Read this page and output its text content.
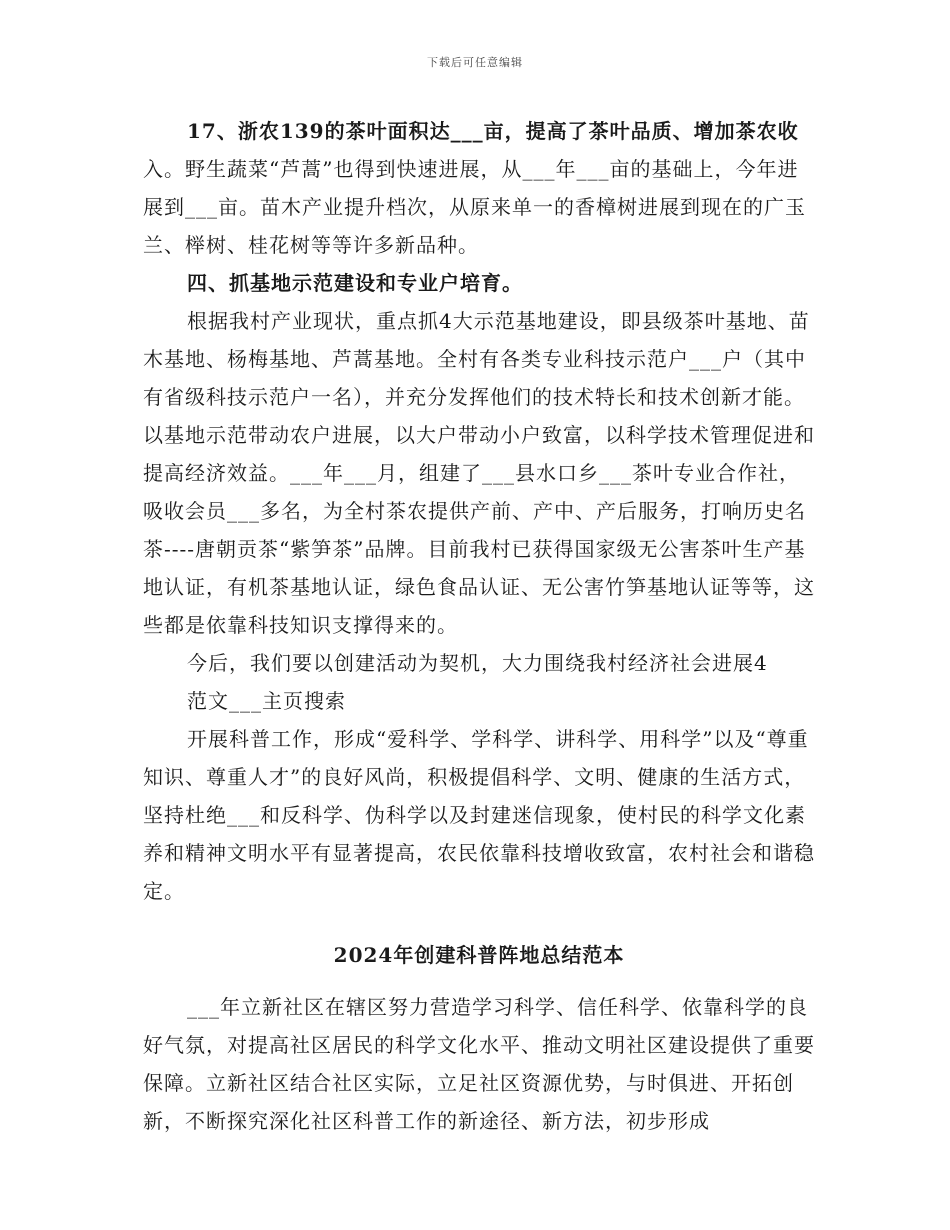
下载后可任意编辑

17、浙农139的茶叶面积达___亩，提高了茶叶品质、增加茶农收入。野生蔬菜“芦蒿”也得到快速进展，从___年___亩的基础上，今年进展到___亩。苗木产业提升档次，从原来单一的香樟树进展到现在的广玉兰、榉树、桂花树等等许多新品种。

四、抓基地示范建设和专业户培育。

根据我村产业现状，重点抓4大示范基地建设，即县级茶叶基地、苗木基地、杨梅基地、芦蒿基地。全村有各类专业科技示范户___户（其中有省级科技示范户一名），并充分发挥他们的技术特长和技术创新才能。以基地示范带动农户进展，以大户带动小户致富，以科学技术管理促进和提高经济效益。___年___月，组建了___县水口乡___茶叶专业合作社，吸收会员___多名，为全村茶农提供产前、产中、产后服务，打响历史名茶----唐朝贡茶“紫笋茶”品牌。目前我村已获得国家级无公害茶叶生产基地认证，有机茶基地认证，绿色食品认证、无公害竹笋基地认证等等，这些都是依靠科技知识支撑得来的。

今后，我们要以创建活动为契机，大力围绕我村经济社会进展4

范文___主页搜索

开展科普工作，形成“爱科学、学科学、讲科学、用科学”以及“尊重知识、尊重人才”的良好风尚，积极提倡科学、文明、健康的生活方式，坚持杜绝___和反科学、伪科学以及封建迷信现象，使村民的科学文化素养和精神文明水平有显著提高，农民依靠科技增收致富，农村社会和谐稳定。

2024年创建科普阵地总结范本

___年立新社区在辖区努力营造学习科学、信任科学、依靠科学的良好气氛，对提高社区居民的科学文化水平、推动文明社区建设提供了重要保障。立新社区结合社区实际，立足社区资源优势，与时俱进、开拓创新，不断探究深化社区科普工作的新途径、新方法，初步形成
